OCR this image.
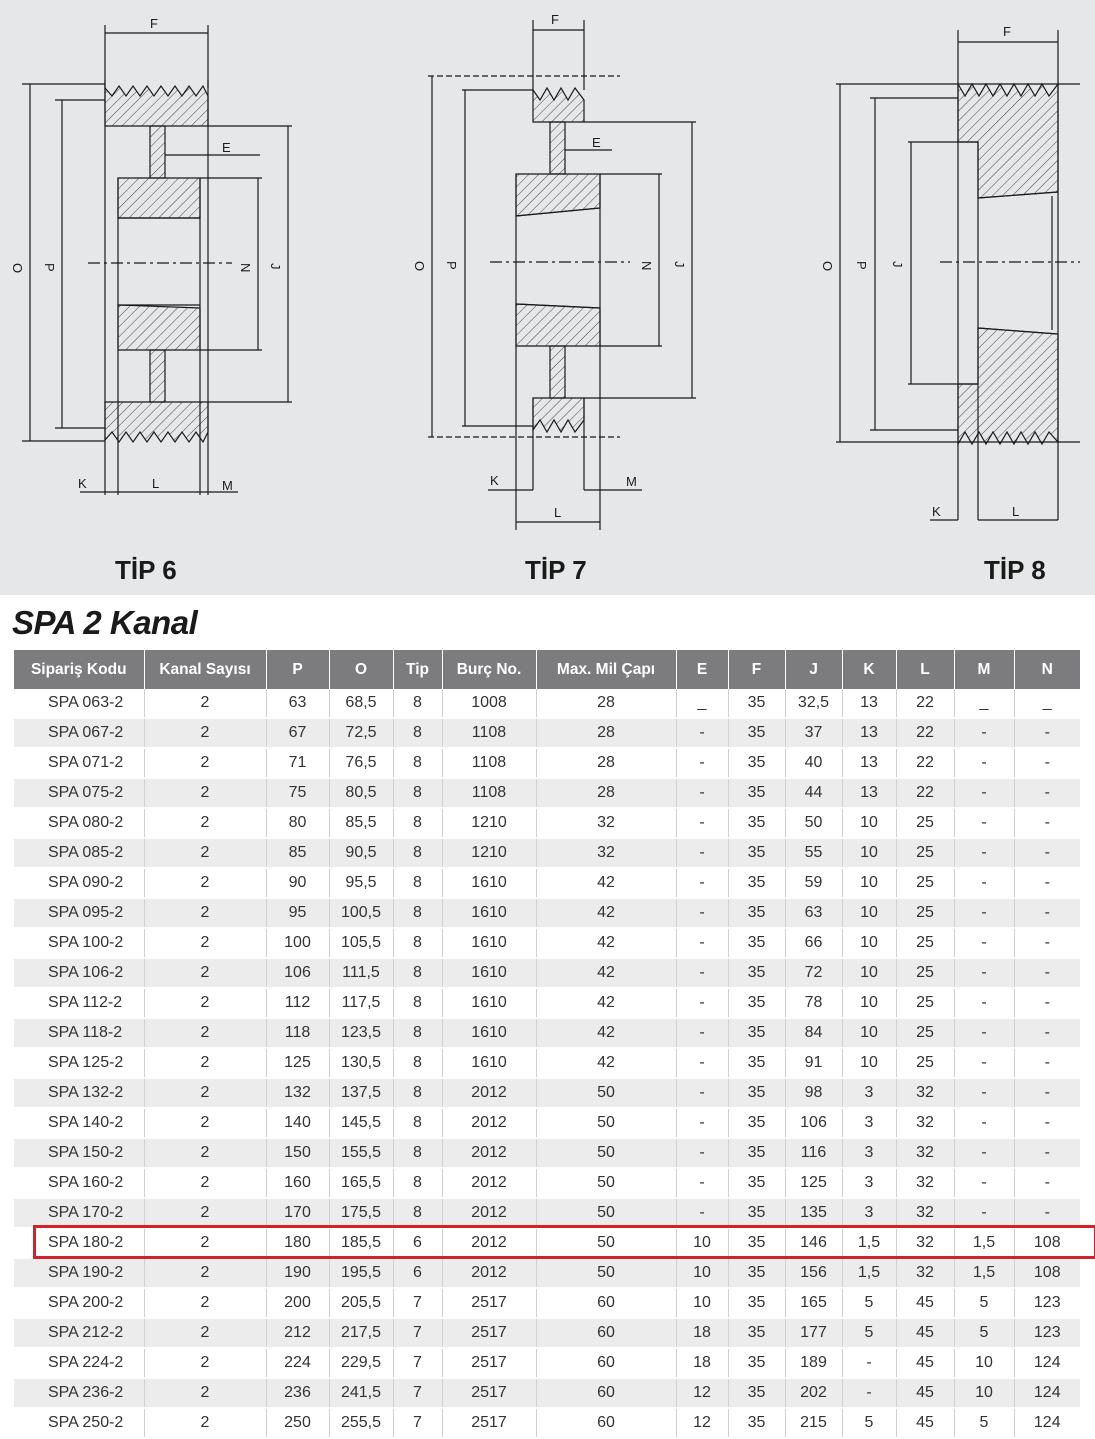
F
E
O P	N J
K	L	M
F
E
O P	N J
K
L
M
F
O P J
K	L
TİP 6	TİP 7	TİP 8
SPA 2 Kanal
Sipariş Kodu	Kanal Sayısı	P	O	Tip	Burç No.	Max. Mil Çapı	E	F	J	K	L	M	N
SPA 063-2	2	63	68,5	8	1008	28	_	35	32,5	13	22	_	_
SPA 067-2	2	67	72,5	8	1108	28	-	35	37	13	22	-	-
SPA 071-2	2	71	76,5	8	1108	28	-	35	40	13	22	-	-
SPA 075-2	2	75	80,5	8	1108	28	-	35	44	13	22	-	-
SPA 080-2	2	80	85,5	8	1210	32	-	35	50	10	25	-	-
SPA 085-2	2	85	90,5	8	1210	32	-	35	55	10	25	-	-
SPA 090-2	2	90	95,5	8	1610	42	-	35	59	10	25	-	-
SPA 095-2	2	95	100,5	8	1610	42	-	35	63	10	25	-	-
SPA 100-2	2	100	105,5	8	1610	42	-	35	66	10	25	-	-
SPA 106-2	2	106	111,5	8	1610	42	-	35	72	10	25	-	-
SPA 112-2	2	112	117,5	8	1610	42	-	35	78	10	25	-	-
SPA 118-2	2	118	123,5	8	1610	42	-	35	84	10	25	-	-
SPA 125-2	2	125	130,5	8	1610	42	-	35	91	10	25	-	-
SPA 132-2	2	132	137,5	8	2012	50	-	35	98	3	32	-	-
SPA 140-2	2	140	145,5	8	2012	50	-	35	106	3	32	-	-
SPA 150-2	2	150	155,5	8	2012	50	-	35	116	3	32	-	-
SPA 160-2	2	160	165,5	8	2012	50	-	35	125	3	32	-	-
SPA 170-2	2	170	175,5	8	2012	50	-	35	135	3	32	-	-
SPA 180-2	2	180	185,5	6	2012	50	10	35	146	1,5	32	1,5	108
SPA 190-2	2	190	195,5	6	2012	50	10	35	156	1,5	32	1,5	108
SPA 200-2	2	200	205,5	7	2517	60	10	35	165	5	45	5	123
SPA 212-2	2	212	217,5	7	2517	60	18	35	177	5	45	5	123
SPA 224-2	2	224	229,5	7	2517	60	18	35	189	-	45	10	124
SPA 236-2	2	236	241,5	7	2517	60	12	35	202	-	45	10	124
SPA 250-2	2	250	255,5	7	2517	60	12	35	215	5	45	5	124
